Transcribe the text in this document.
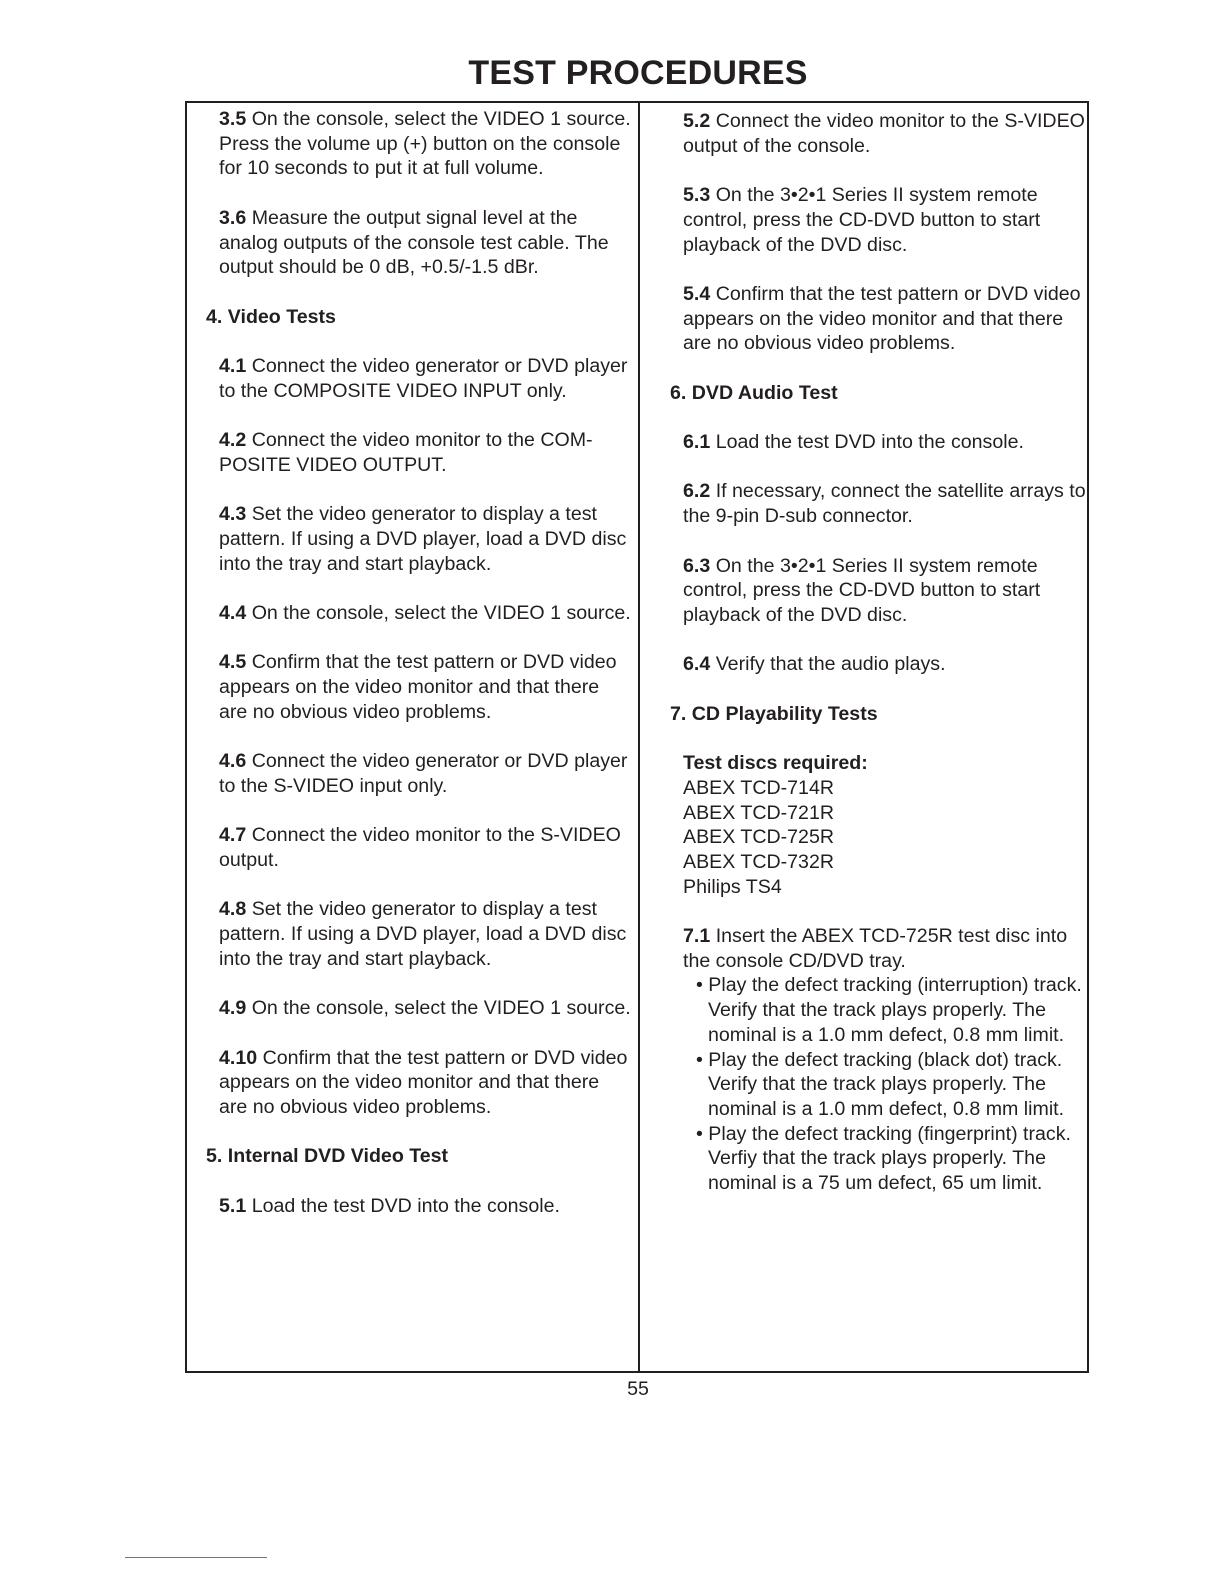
TEST PROCEDURES

3.5 On the console, select the VIDEO 1 source. Press the volume up (+) button on the console for 10 seconds to put it at full volume.

3.6 Measure the output signal level at the analog outputs of the console test cable. The output should be 0 dB, +0.5/-1.5 dBr.

4. Video Tests

4.1 Connect the video generator or DVD player to the COMPOSITE VIDEO INPUT only.

4.2 Connect the video monitor to the COM-POSITE VIDEO OUTPUT.

4.3 Set the video generator to display a test pattern. If using a DVD player, load a DVD disc into the tray and start playback.

4.4 On the console, select the VIDEO 1 source.

4.5 Confirm that the test pattern or DVD video appears on the video monitor and that there are no obvious video problems.

4.6 Connect the video generator or DVD player to the S-VIDEO input only.

4.7 Connect the video monitor to the S-VIDEO output.

4.8 Set the video generator to display a test pattern. If using a DVD player, load a DVD disc into the tray and start playback.

4.9 On the console, select the VIDEO 1 source.

4.10 Confirm that the test pattern or DVD video appears on the video monitor and that there are no obvious video problems.

5. Internal DVD Video Test

5.1 Load the test DVD into the console.

5.2 Connect the video monitor to the S-VIDEO output of the console.

5.3 On the 3•2•1 Series II system remote control, press the CD-DVD button to start playback of the DVD disc.

5.4 Confirm that the test pattern or DVD video appears on the video monitor and that there are no obvious video problems.

6. DVD Audio Test

6.1 Load the test DVD into the console.

6.2 If necessary, connect the satellite arrays to the 9-pin D-sub connector.

6.3 On the 3•2•1 Series II system remote control, press the CD-DVD button to start playback of the DVD disc.

6.4 Verify that the audio plays.

7. CD Playability Tests

Test discs required:

ABEX TCD-714R

ABEX TCD-721R

ABEX TCD-725R

ABEX TCD-732R

Philips TS4

7.1 Insert the ABEX TCD-725R test disc into the console CD/DVD tray.

• Play the defect tracking (interruption) track. Verify that the track plays properly. The nominal is a 1.0 mm defect, 0.8 mm limit.

• Play the defect tracking (black dot) track. Verify that the track plays properly. The nominal is a 1.0 mm defect, 0.8 mm limit.

• Play the defect tracking (fingerprint) track. Verfiy that the track plays properly. The nominal is a 75 um defect, 65 um limit.

55
